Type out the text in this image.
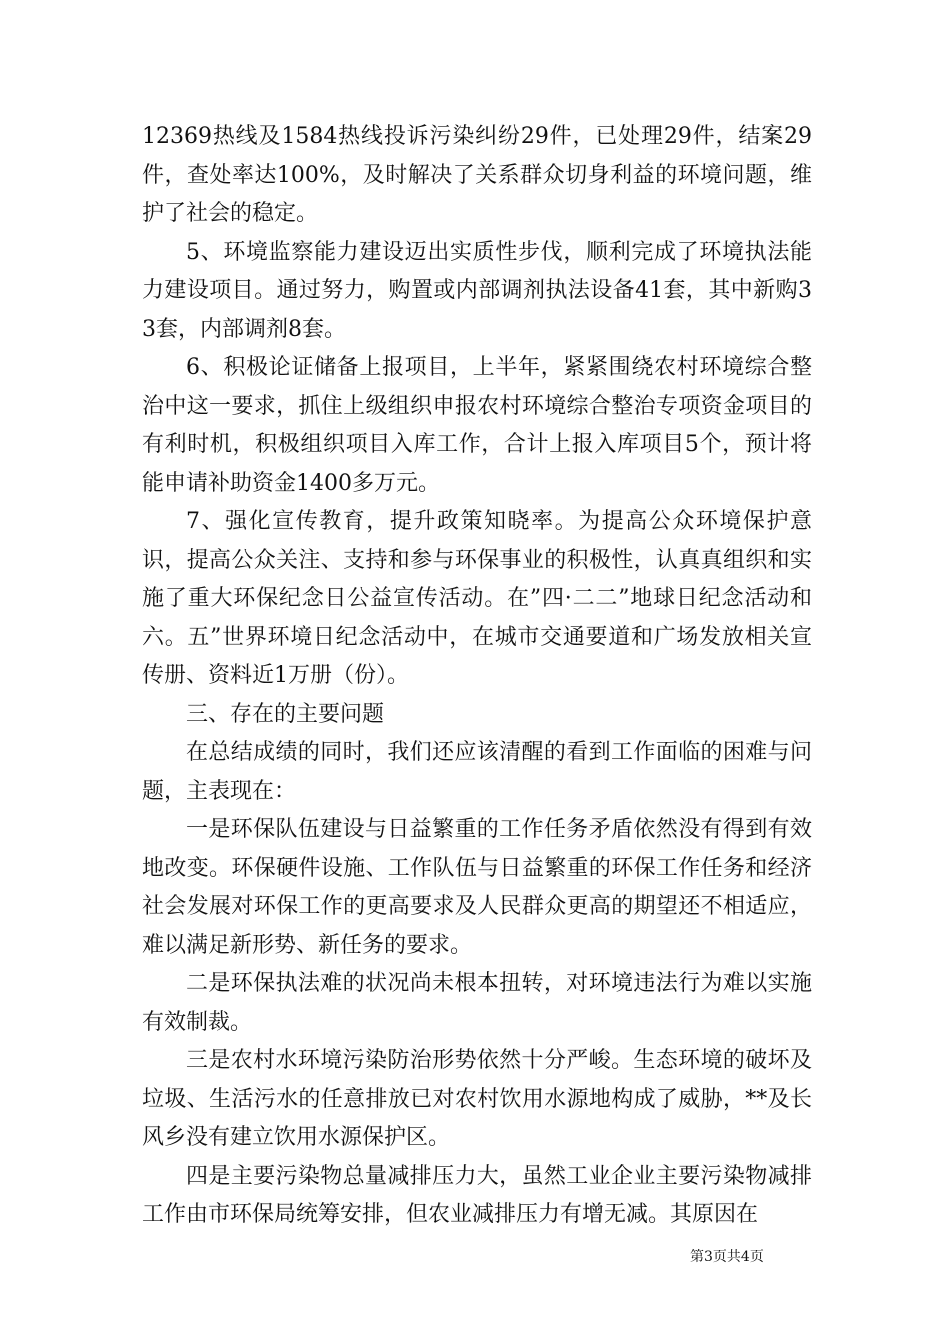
12369热线及1584热线投诉污染纠纷29件，已处理29件，结案29件，查处率达100%，及时解决了关系群众切身利益的环境问题，维护了社会的稳定。

5、环境监察能力建设迈出实质性步伐，顺利完成了环境执法能力建设项目。通过努力，购置或内部调剂执法设备41套，其中新购33套，内部调剂8套。

6、积极论证储备上报项目，上半年，紧紧围绕农村环境综合整治中这一要求，抓住上级组织申报农村环境综合整治专项资金项目的有利时机，积极组织项目入库工作，合计上报入库项目5个，预计将能申请补助资金1400多万元。

7、强化宣传教育，提升政策知晓率。为提高公众环境保护意识，提高公众关注、支持和参与环保事业的积极性，认真真组织和实施了重大环保纪念日公益宣传活动。在”四·二二”地球日纪念活动和六。五”世界环境日纪念活动中，在城市交通要道和广场发放相关宣传册、资料近1万册（份）。

三、存在的主要问题

在总结成绩的同时，我们还应该清醒的看到工作面临的困难与问题，主表现在：

一是环保队伍建设与日益繁重的工作任务矛盾依然没有得到有效地改变。环保硬件设施、工作队伍与日益繁重的环保工作任务和经济社会发展对环保工作的更高要求及人民群众更高的期望还不相适应，难以满足新形势、新任务的要求。

二是环保执法难的状况尚未根本扭转，对环境违法行为难以实施有效制裁。

三是农村水环境污染防治形势依然十分严峻。生态环境的破坏及垃圾、生活污水的任意排放已对农村饮用水源地构成了威胁，**及长风乡没有建立饮用水源保护区。

四是主要污染物总量减排压力大，虽然工业企业主要污染物减排工作由市环保局统筹安排，但农业减排压力有增无减。其原因在

第3页共4页
